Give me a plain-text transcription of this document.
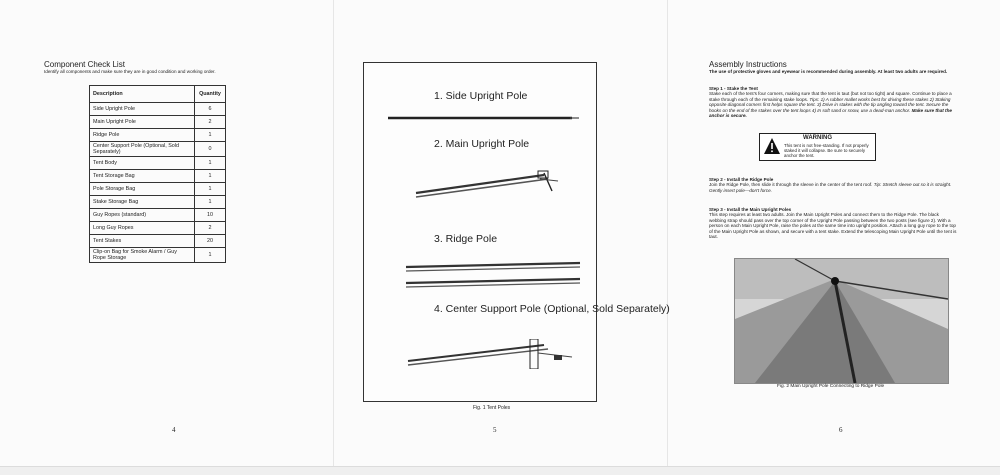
Component Check List

Identify all components and make sure they are in good condition and working order.

Description	Quantity
Side Upright Pole	6
Main Upright Pole	2
Ridge Pole	1
Center Support Pole (Optional, Sold Separately)	0
Tent Body	1
Tent Storage Bag	1
Pole Storage Bag	1
Stake Storage Bag	1
Guy Ropes (standard)	10
Long Guy Ropes	2
Tent Stakes	20
Clip-on Bag for Smoke Alarm / Guy Rope Storage	1
4

1. Side Upright Pole

2. Main Upright Pole

3. Ridge Pole

4. Center Support Pole (Optional, Sold Separately)

Fig. 1 Tent Poles
5
Assembly Instructions

The use of protective gloves and eyewear is recommended during assembly. At least two adults are required.

Step 1 - Stake the Tent
Stake each of the tent's four corners, making sure that the tent is taut (but not too tight) and square. Continue to place a stake through each of the remaining stake loops. Tips: 1) A rubber mallet works best for driving these stakes 2) Staking opposite diagonal corners first helps square the tent. 3) Drive in stakes with the tip angling toward the tent. Secure the hooks on the end of the stakes over the tent loops 4) In soft sand or snow, use a dead-man anchor. Make sure that the anchor is secure.
WARNING
This tent is not free-standing. If not properly staked it will collapse. Be sure to securely anchor the tent.
Step 2 - Install the Ridge Pole
Join the Ridge Pole, then slide it through the sleeve in the center of the tent roof. Tip: Stretch sleeve out so it is straight. Gently insert pole—don't force.
Step 3 - Install the Main Upright Poles
This step requires at least two adults. Join the Main Upright Poles and connect them to the Ridge Pole. The black webbing strap should pass over the top corner of the Upright Pole passing between the two posts (see figure 2). With a person on each Main Upright Pole, raise the poles at the same time into upright position. Attach a long guy rope to the top of the Main Upright Pole as shown, and secure with a tent stake. Extend the telescoping Main Upright Pole until the tent is taut.
Fig. 2 Main Upright Pole Connecting to Ridge Pole
6
